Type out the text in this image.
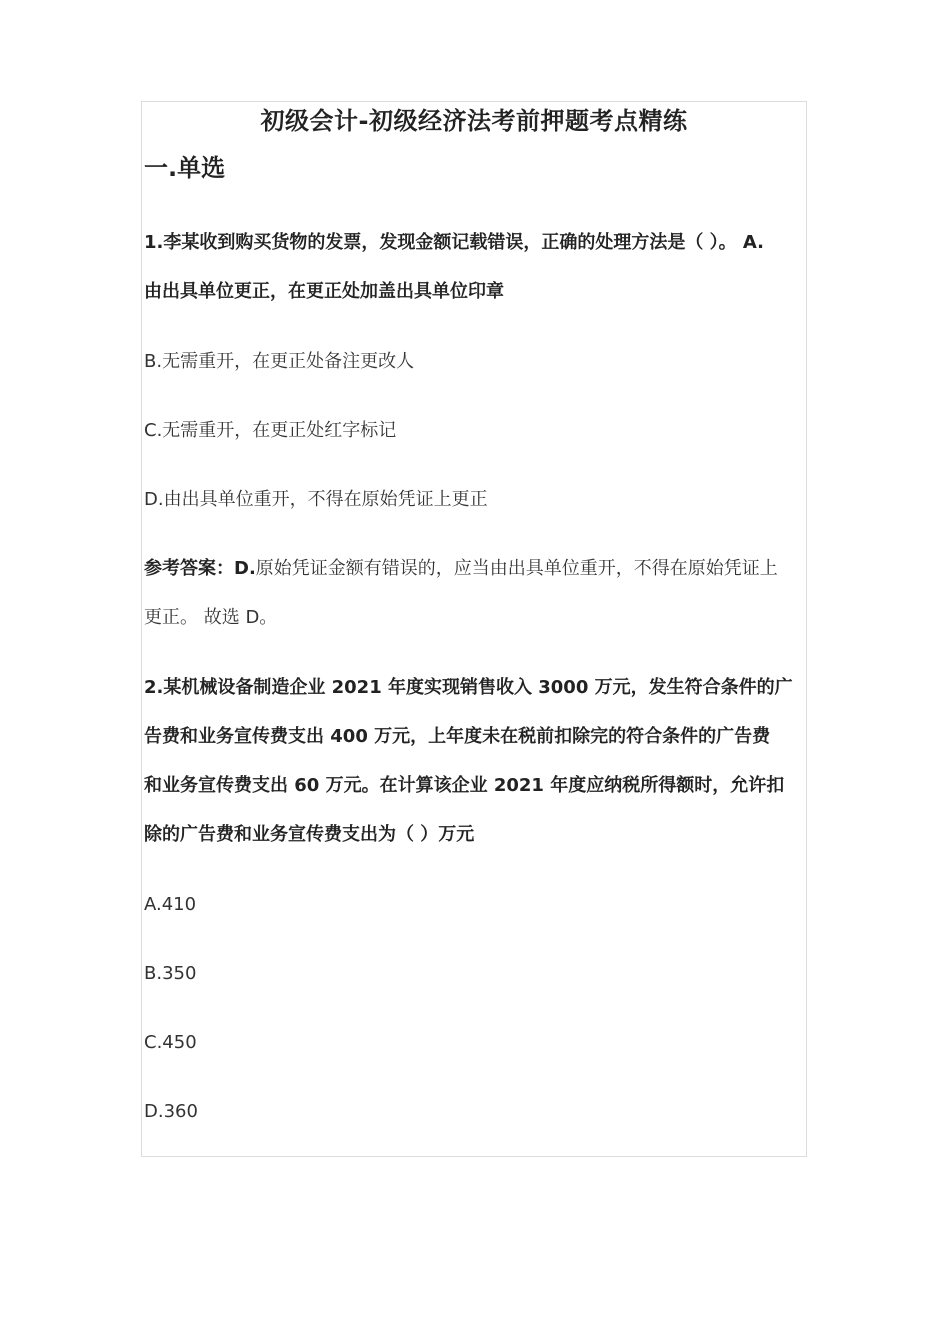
初级会计-初级经济法考前押题考点精练
一.单选
1.李某收到购买货物的发票，发现金额记载错误，正确的处理方法是（ ）。 A.
由出具单位更正，在更正处加盖出具单位印章
B.无需重开，在更正处备注更改人
C.无需重开，在更正处红字标记
D.由出具单位重开，不得在原始凭证上更正
参考答案：D.原始凭证金额有错误的，应当由出具单位重开，不得在原始凭证上
更正。 故选 D。
2.某机械设备制造企业 2021 年度实现销售收入 3000 万元，发生符合条件的广
告费和业务宣传费支出 400 万元，上年度未在税前扣除完的符合条件的广告费
和业务宣传费支出 60 万元。在计算该企业 2021 年度应纳税所得额时，允许扣
除的广告费和业务宣传费支出为（ ）万元
A.410
B.350
C.450
D.360
